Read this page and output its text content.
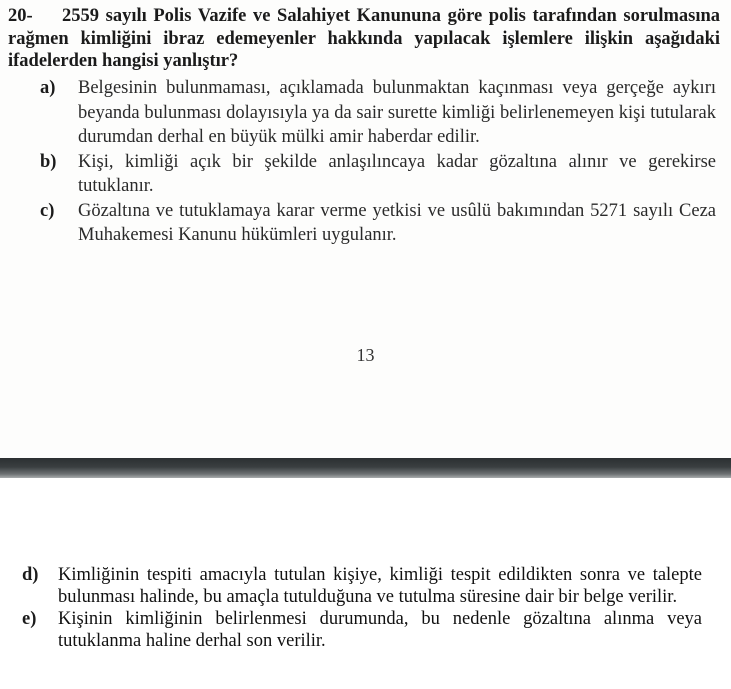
20- 2559 sayılı Polis Vazife ve Salahiyet Kanununa göre polis tarafından sorulmasına rağmen kimliğini ibraz edemeyenler hakkında yapılacak işlemlere ilişkin aşağıdaki ifadelerden hangisi yanlıştır?
a)	Belgesinin bulunmaması, açıklamada bulunmaktan kaçınması veya gerçeğe aykırı beyanda bulunması dolayısıyla ya da sair surette kimliği belirlenemeyen kişi tutularak durumdan derhal en büyük mülki amir haberdar edilir.
b)	Kişi, kimliği açık bir şekilde anlaşılıncaya kadar gözaltına alınır ve gerekirse tutuklanır.
c)	Gözaltına ve tutuklamaya karar verme yetkisi ve usûlü bakımından 5271 sayılı Ceza Muhakemesi Kanunu hükümleri uygulanır.
13
d)	Kimliğinin tespiti amacıyla tutulan kişiye, kimliği tespit edildikten sonra ve talepte bulunması halinde, bu amaçla tutulduğuna ve tutulma süresine dair bir belge verilir.
e)	Kişinin kimliğinin belirlenmesi durumunda, bu nedenle gözaltına alınma veya tutuklanma haline derhal son verilir.
